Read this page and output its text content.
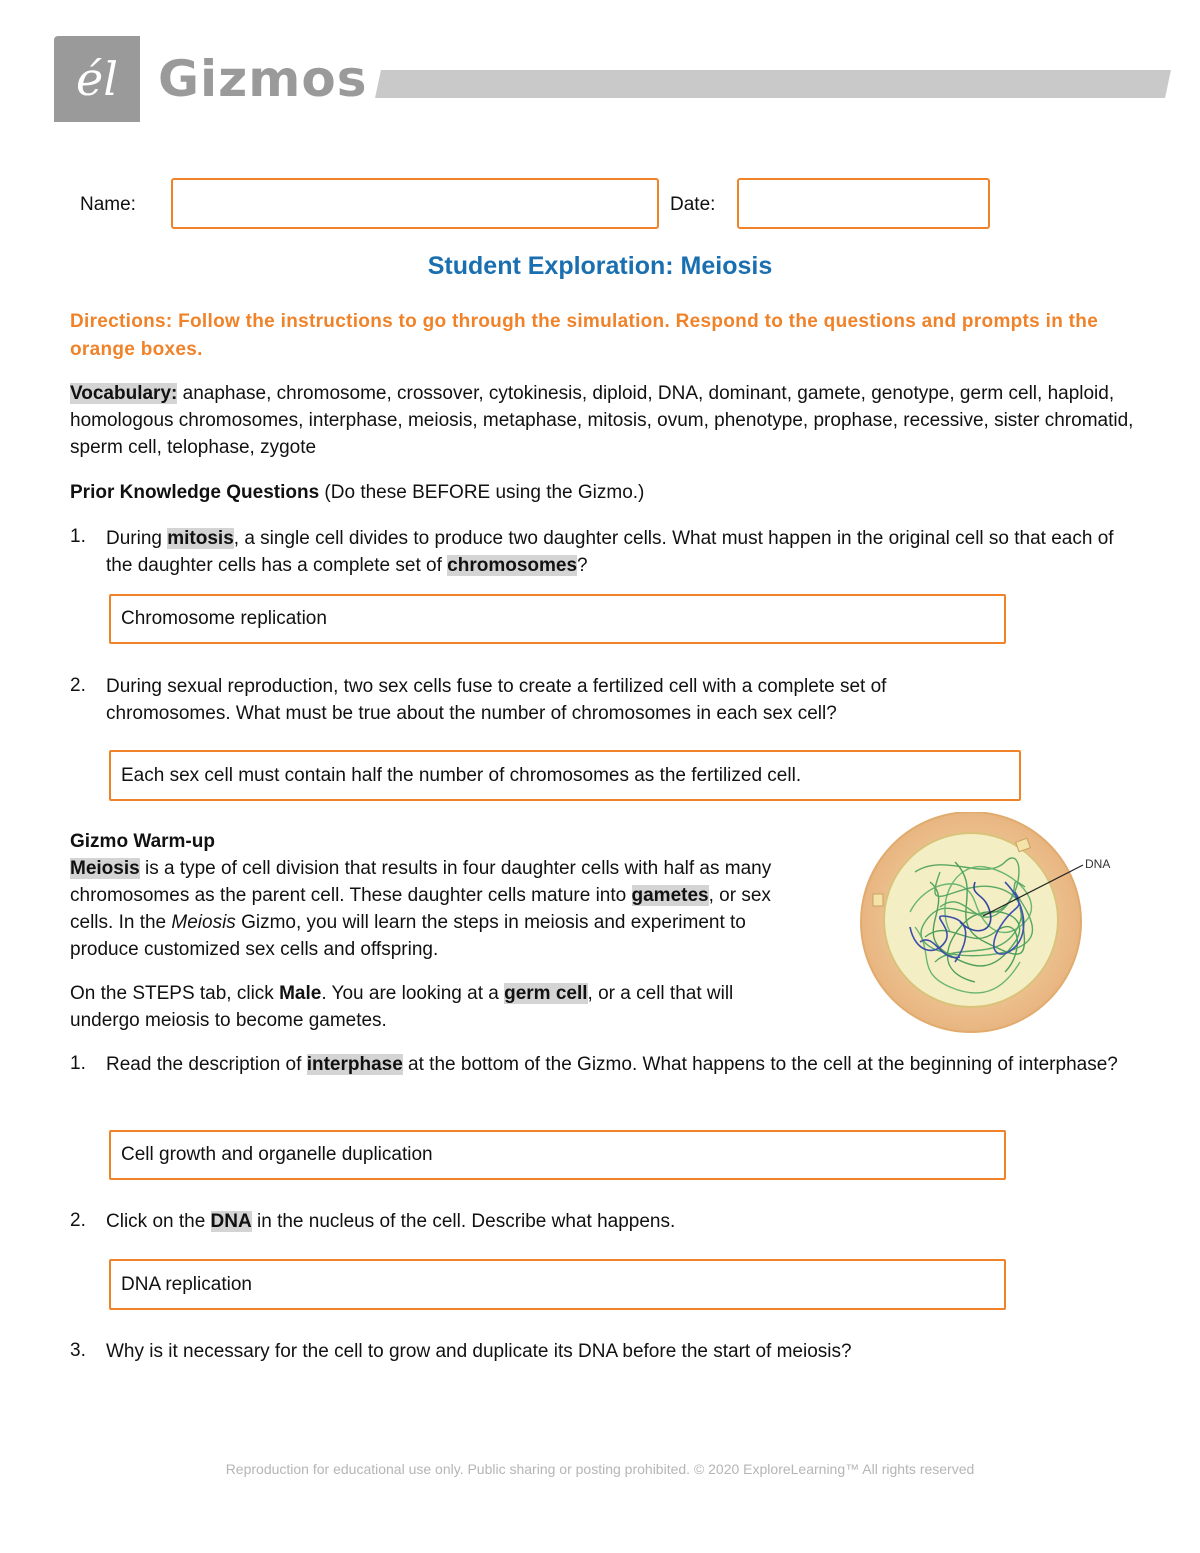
él Gizmos
Name:	Date:
Student Exploration: Meiosis
Directions: Follow the instructions to go through the simulation. Respond to the questions and prompts in the orange boxes.
Vocabulary: anaphase, chromosome, crossover, cytokinesis, diploid, DNA, dominant, gamete, genotype, germ cell, haploid, homologous chromosomes, interphase, meiosis, metaphase, mitosis, ovum, phenotype, prophase, recessive, sister chromatid, sperm cell, telophase, zygote
Prior Knowledge Questions (Do these BEFORE using the Gizmo.)
1. During mitosis, a single cell divides to produce two daughter cells. What must happen in the original cell so that each of the daughter cells has a complete set of chromosomes?
Chromosome replication
2. During sexual reproduction, two sex cells fuse to create a fertilized cell with a complete set of chromosomes. What must be true about the number of chromosomes in each sex cell?
Each sex cell must contain half the number of chromosomes as the fertilized cell.
Gizmo Warm-up
Meiosis is a type of cell division that results in four daughter cells with half as many chromosomes as the parent cell. These daughter cells mature into gametes, or sex cells. In the Meiosis Gizmo, you will learn the steps in meiosis and experiment to produce customized sex cells and offspring.
On the STEPS tab, click Male. You are looking at a germ cell, or a cell that will undergo meiosis to become gametes.
DNA
1. Read the description of interphase at the bottom of the Gizmo. What happens to the cell at the beginning of interphase?
Cell growth and organelle duplication
2. Click on the DNA in the nucleus of the cell. Describe what happens.
DNA replication
3. Why is it necessary for the cell to grow and duplicate its DNA before the start of meiosis?
Reproduction for educational use only. Public sharing or posting prohibited. © 2020 ExploreLearning™ All rights reserved
